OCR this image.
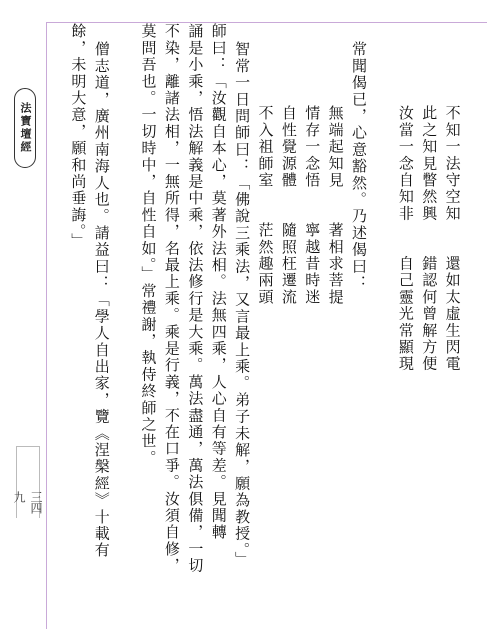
法寶壇經
三四九
不知一法守空知　　還如太虛生閃電
此之知見瞥然興　　錯認何曾解方便
汝當一念自知非　　自己靈光常顯現
常聞偈已，心意豁然。乃述偈曰：
無端起知見　　著相求菩提
情存一念悟　　寧越昔時迷
自性覺源體　　隨照枉遷流
不入祖師室　　茫然趣兩頭
智常一日問師曰：「佛說三乘法，又言最上乘。弟子未解，願為教授。」
師曰：「汝觀自本心，莫著外法相。法無四乘，人心自有等差。見聞轉
誦是小乘，悟法解義是中乘，依法修行是大乘。萬法盡通，萬法俱備，一切
不染，離諸法相，一無所得，名最上乘。乘是行義，不在口爭。汝須自修，
莫問吾也。一切時中，自性自如。」常禮謝，執侍終師之世。
僧志道，廣州南海人也。請益曰：「學人自出家，覽《涅槃經》十載有
餘，未明大意，願和尚垂誨。」
